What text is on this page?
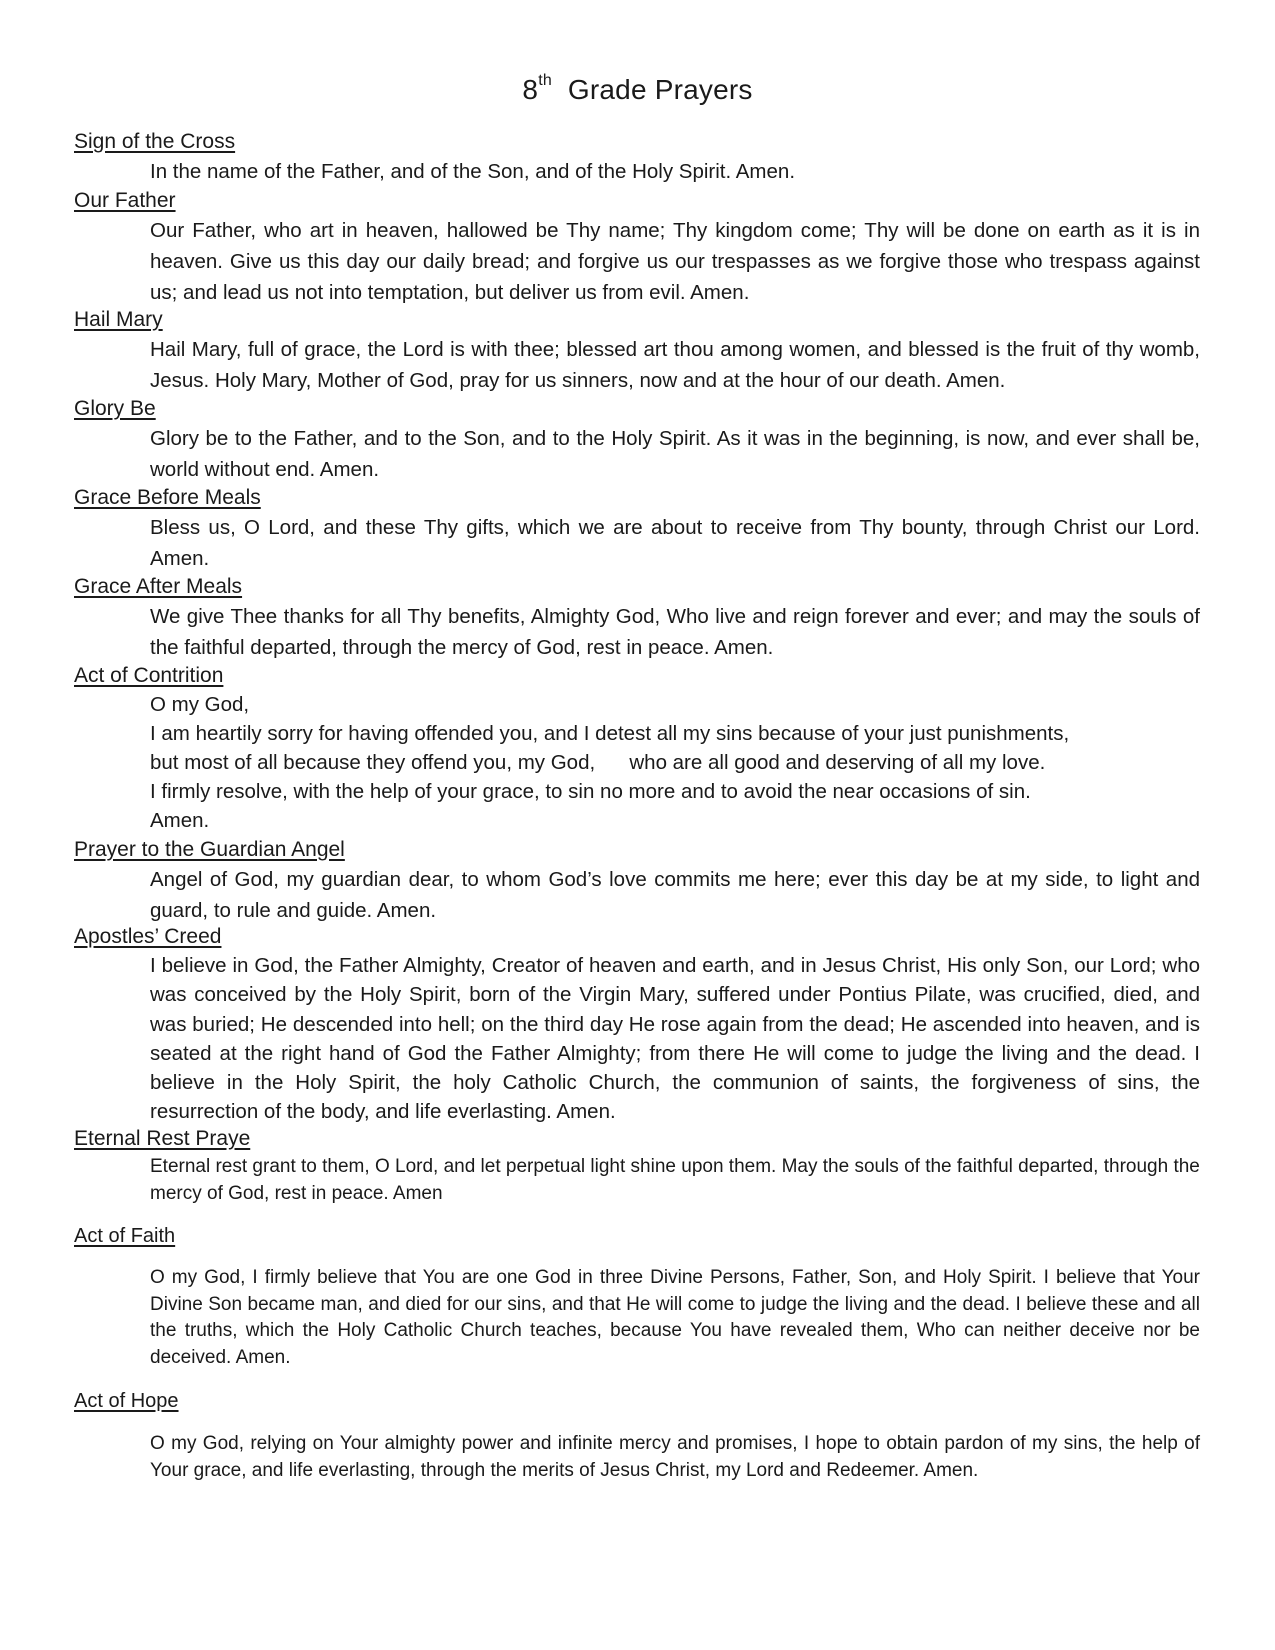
8th Grade Prayers
Sign of the Cross
In the name of the Father, and of the Son, and of the Holy Spirit. Amen.
Our Father
Our Father, who art in heaven, hallowed be Thy name; Thy kingdom come; Thy will be done on earth as it is in heaven. Give us this day our daily bread; and forgive us our trespasses as we forgive those who trespass against us; and lead us not into temptation, but deliver us from evil. Amen.
Hail Mary
Hail Mary, full of grace, the Lord is with thee; blessed art thou among women, and blessed is the fruit of thy womb, Jesus. Holy Mary, Mother of God, pray for us sinners, now and at the hour of our death. Amen.
Glory Be
Glory be to the Father, and to the Son, and to the Holy Spirit. As it was in the beginning, is now, and ever shall be, world without end. Amen.
Grace Before Meals
Bless us, O Lord, and these Thy gifts, which we are about to receive from Thy bounty, through Christ our Lord. Amen.
Grace After Meals
We give Thee thanks for all Thy benefits, Almighty God, Who live and reign forever and ever; and may the souls of the faithful departed, through the mercy of God, rest in peace. Amen.
Act of Contrition
O my God,
I am heartily sorry for having offended you, and I detest all my sins because of your just punishments,
but most of all because they offend you, my God,      who are all good and deserving of all my love.
I firmly resolve, with the help of your grace, to sin no more and to avoid the near occasions of sin.
Amen.
Prayer to the Guardian Angel
Angel of God, my guardian dear, to whom God’s love commits me here; ever this day be at my side, to light and guard, to rule and guide. Amen.
Apostles’ Creed
I believe in God, the Father Almighty, Creator of heaven and earth, and in Jesus Christ, His only Son, our Lord; who was conceived by the Holy Spirit, born of the Virgin Mary, suffered under Pontius Pilate, was crucified, died, and was buried; He descended into hell; on the third day He rose again from the dead; He ascended into heaven, and is seated at the right hand of God the Father Almighty; from there He will come to judge the living and the dead. I believe in the Holy Spirit, the holy Catholic Church, the communion of saints, the forgiveness of sins, the resurrection of the body, and life everlasting. Amen.
Eternal Rest Praye
Eternal rest grant to them, O Lord, and let perpetual light shine upon them. May the souls of the faithful departed, through the mercy of God, rest in peace. Amen
Act of Faith
O my God, I firmly believe that You are one God in three Divine Persons, Father, Son, and Holy Spirit. I believe that Your Divine Son became man, and died for our sins, and that He will come to judge the living and the dead. I believe these and all the truths, which the Holy Catholic Church teaches, because You have revealed them, Who can neither deceive nor be deceived. Amen.
Act of Hope
O my God, relying on Your almighty power and infinite mercy and promises, I hope to obtain pardon of my sins, the help of Your grace, and life everlasting, through the merits of Jesus Christ, my Lord and Redeemer. Amen.
